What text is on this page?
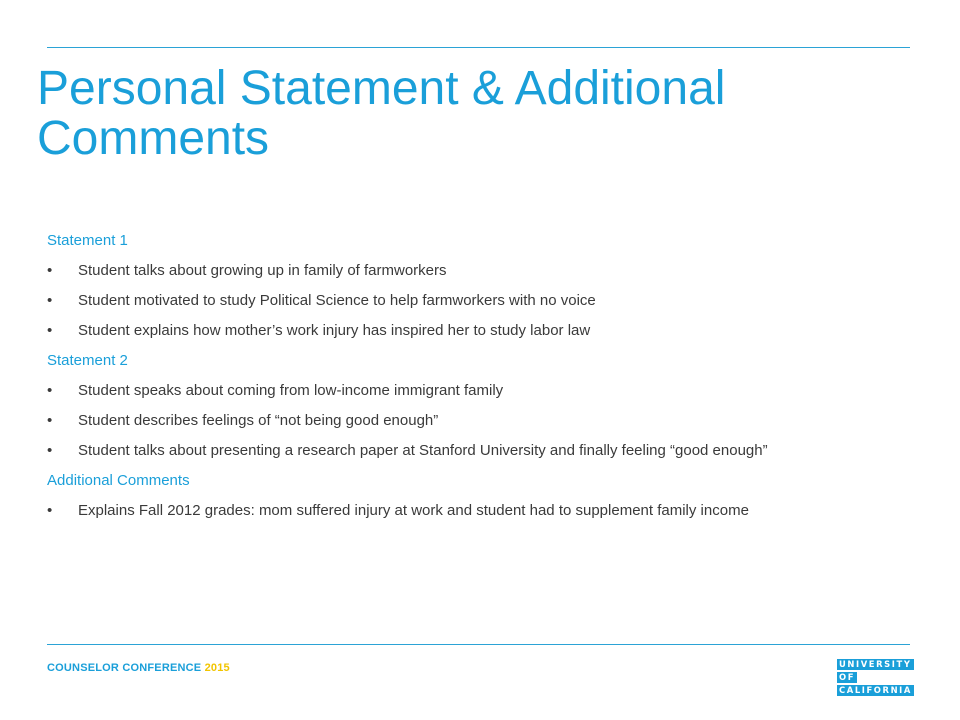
Personal Statement & Additional Comments
Statement 1
• Student talks about growing up in family of farmworkers
• Student motivated to study Political Science to help farmworkers with no voice
• Student explains how mother’s work injury has inspired her to study labor law
Statement 2
• Student speaks about coming from low-income immigrant family
• Student describes feelings of “not being good enough”
• Student talks about presenting a research paper at Stanford University and finally feeling “good enough”
Additional Comments
• Explains Fall 2012 grades: mom suffered injury at work and student had to supplement family income
COUNSELOR CONFERENCE 2015	UNIVERSITY
OF
CALIFORNIA
